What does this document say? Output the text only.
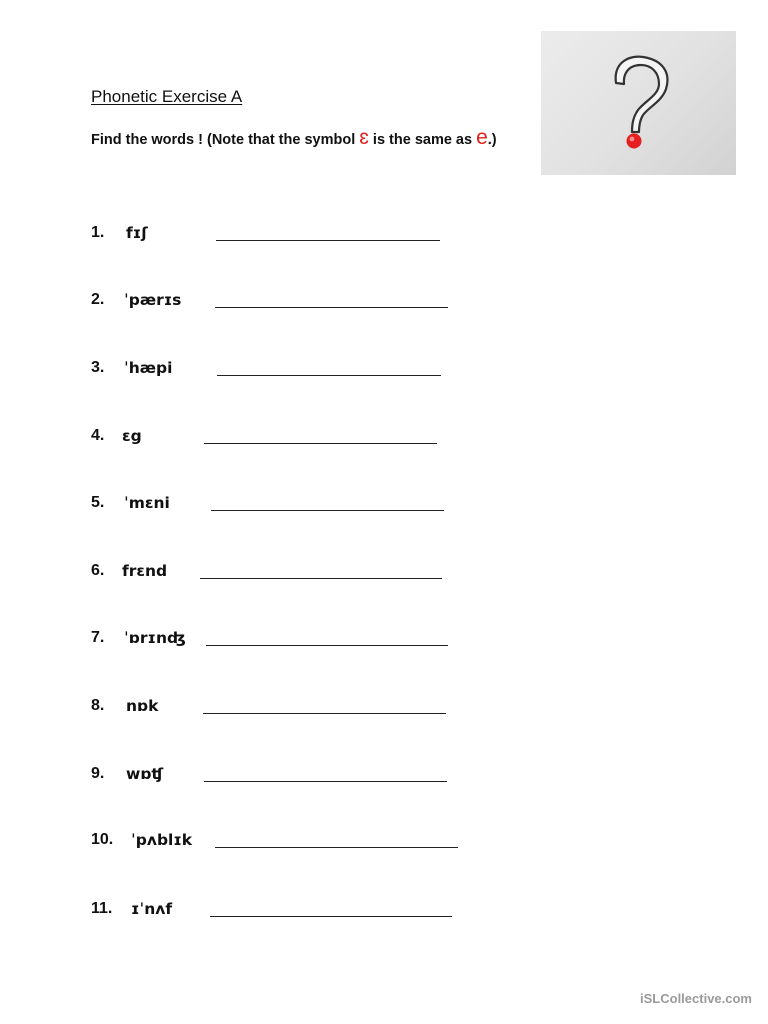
Phonetic Exercise A
Find the words ! (Note that the symbol ɛ is the same as e.)
1. fɪʃ
2. ˈpærɪs
3. ˈhæpi
4. ɛg
5. ˈmɛni
6. frɛnd
7. ˈɒrɪnʤ
8. nɒk
9. wɒʧ
10. ˈpʌblɪk
11. ɪˈnʌf
iSLCollective.com
